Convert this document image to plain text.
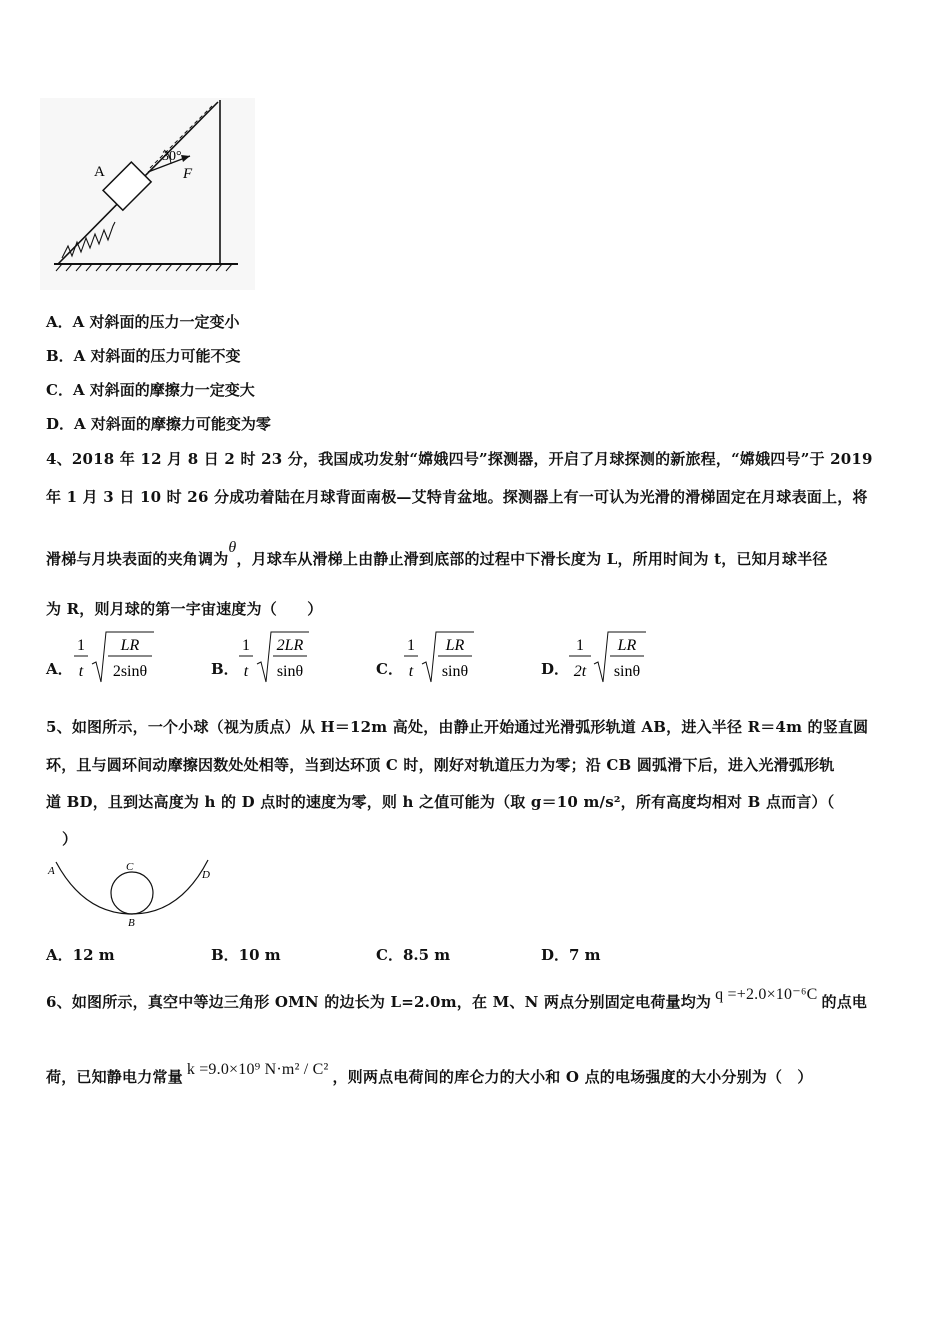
A
30°
F
A．A 对斜面的压力一定变小
B．A 对斜面的压力可能不变
C．A 对斜面的摩擦力一定变大
D．A 对斜面的摩擦力可能变为零
4、2018 年 12 月 8 日 2 时 23 分，我国成功发射“嫦娥四号”探测器，开启了月球探测的新旅程，“嫦娥四号”于 2019
年 1 月 3 日 10 时 26 分成功着陆在月球背面南极—艾特肯盆地。探测器上有一可认为光滑的滑梯固定在月球表面上，将
滑梯与月块表面的夹角调为θ，月球车从滑梯上由静止滑到底部的过程中下滑长度为 L，所用时间为 t，已知月球半径
为 R，则月球的第一宇宙速度为（　　）
A．
1
t
LR
2sinθ	B．
1
t
2LR
sinθ	C．
1
t
LR
sinθ	D．
1
2t
LR
sinθ
5、如图所示，一个小球（视为质点）从 H＝12m 高处，由静止开始通过光滑弧形轨道 AB，进入半径 R＝4m 的竖直圆
环，且与圆环间动摩擦因数处处相等，当到达环顶 C 时，刚好对轨道压力为零；沿 CB 圆弧滑下后，进入光滑弧形轨
道 BD，且到达高度为 h 的 D 点时的速度为零，则 h 之值可能为（取 g＝10 m/s²，所有高度均相对 B 点而言）（
）
A	C
D
B
A．12 m	B．10 m	C．8.5 m	D．7 m
6、如图所示，真空中等边三角形 OMN 的边长为 L=2.0m，在 M、N 两点分别固定电荷量均为 q =+2.0×10⁻⁶C 的点电
荷，已知静电力常量 k =9.0×10⁹ N·m² / C² ，则两点电荷间的库仑力的大小和 O 点的电场强度的大小分别为（　）
